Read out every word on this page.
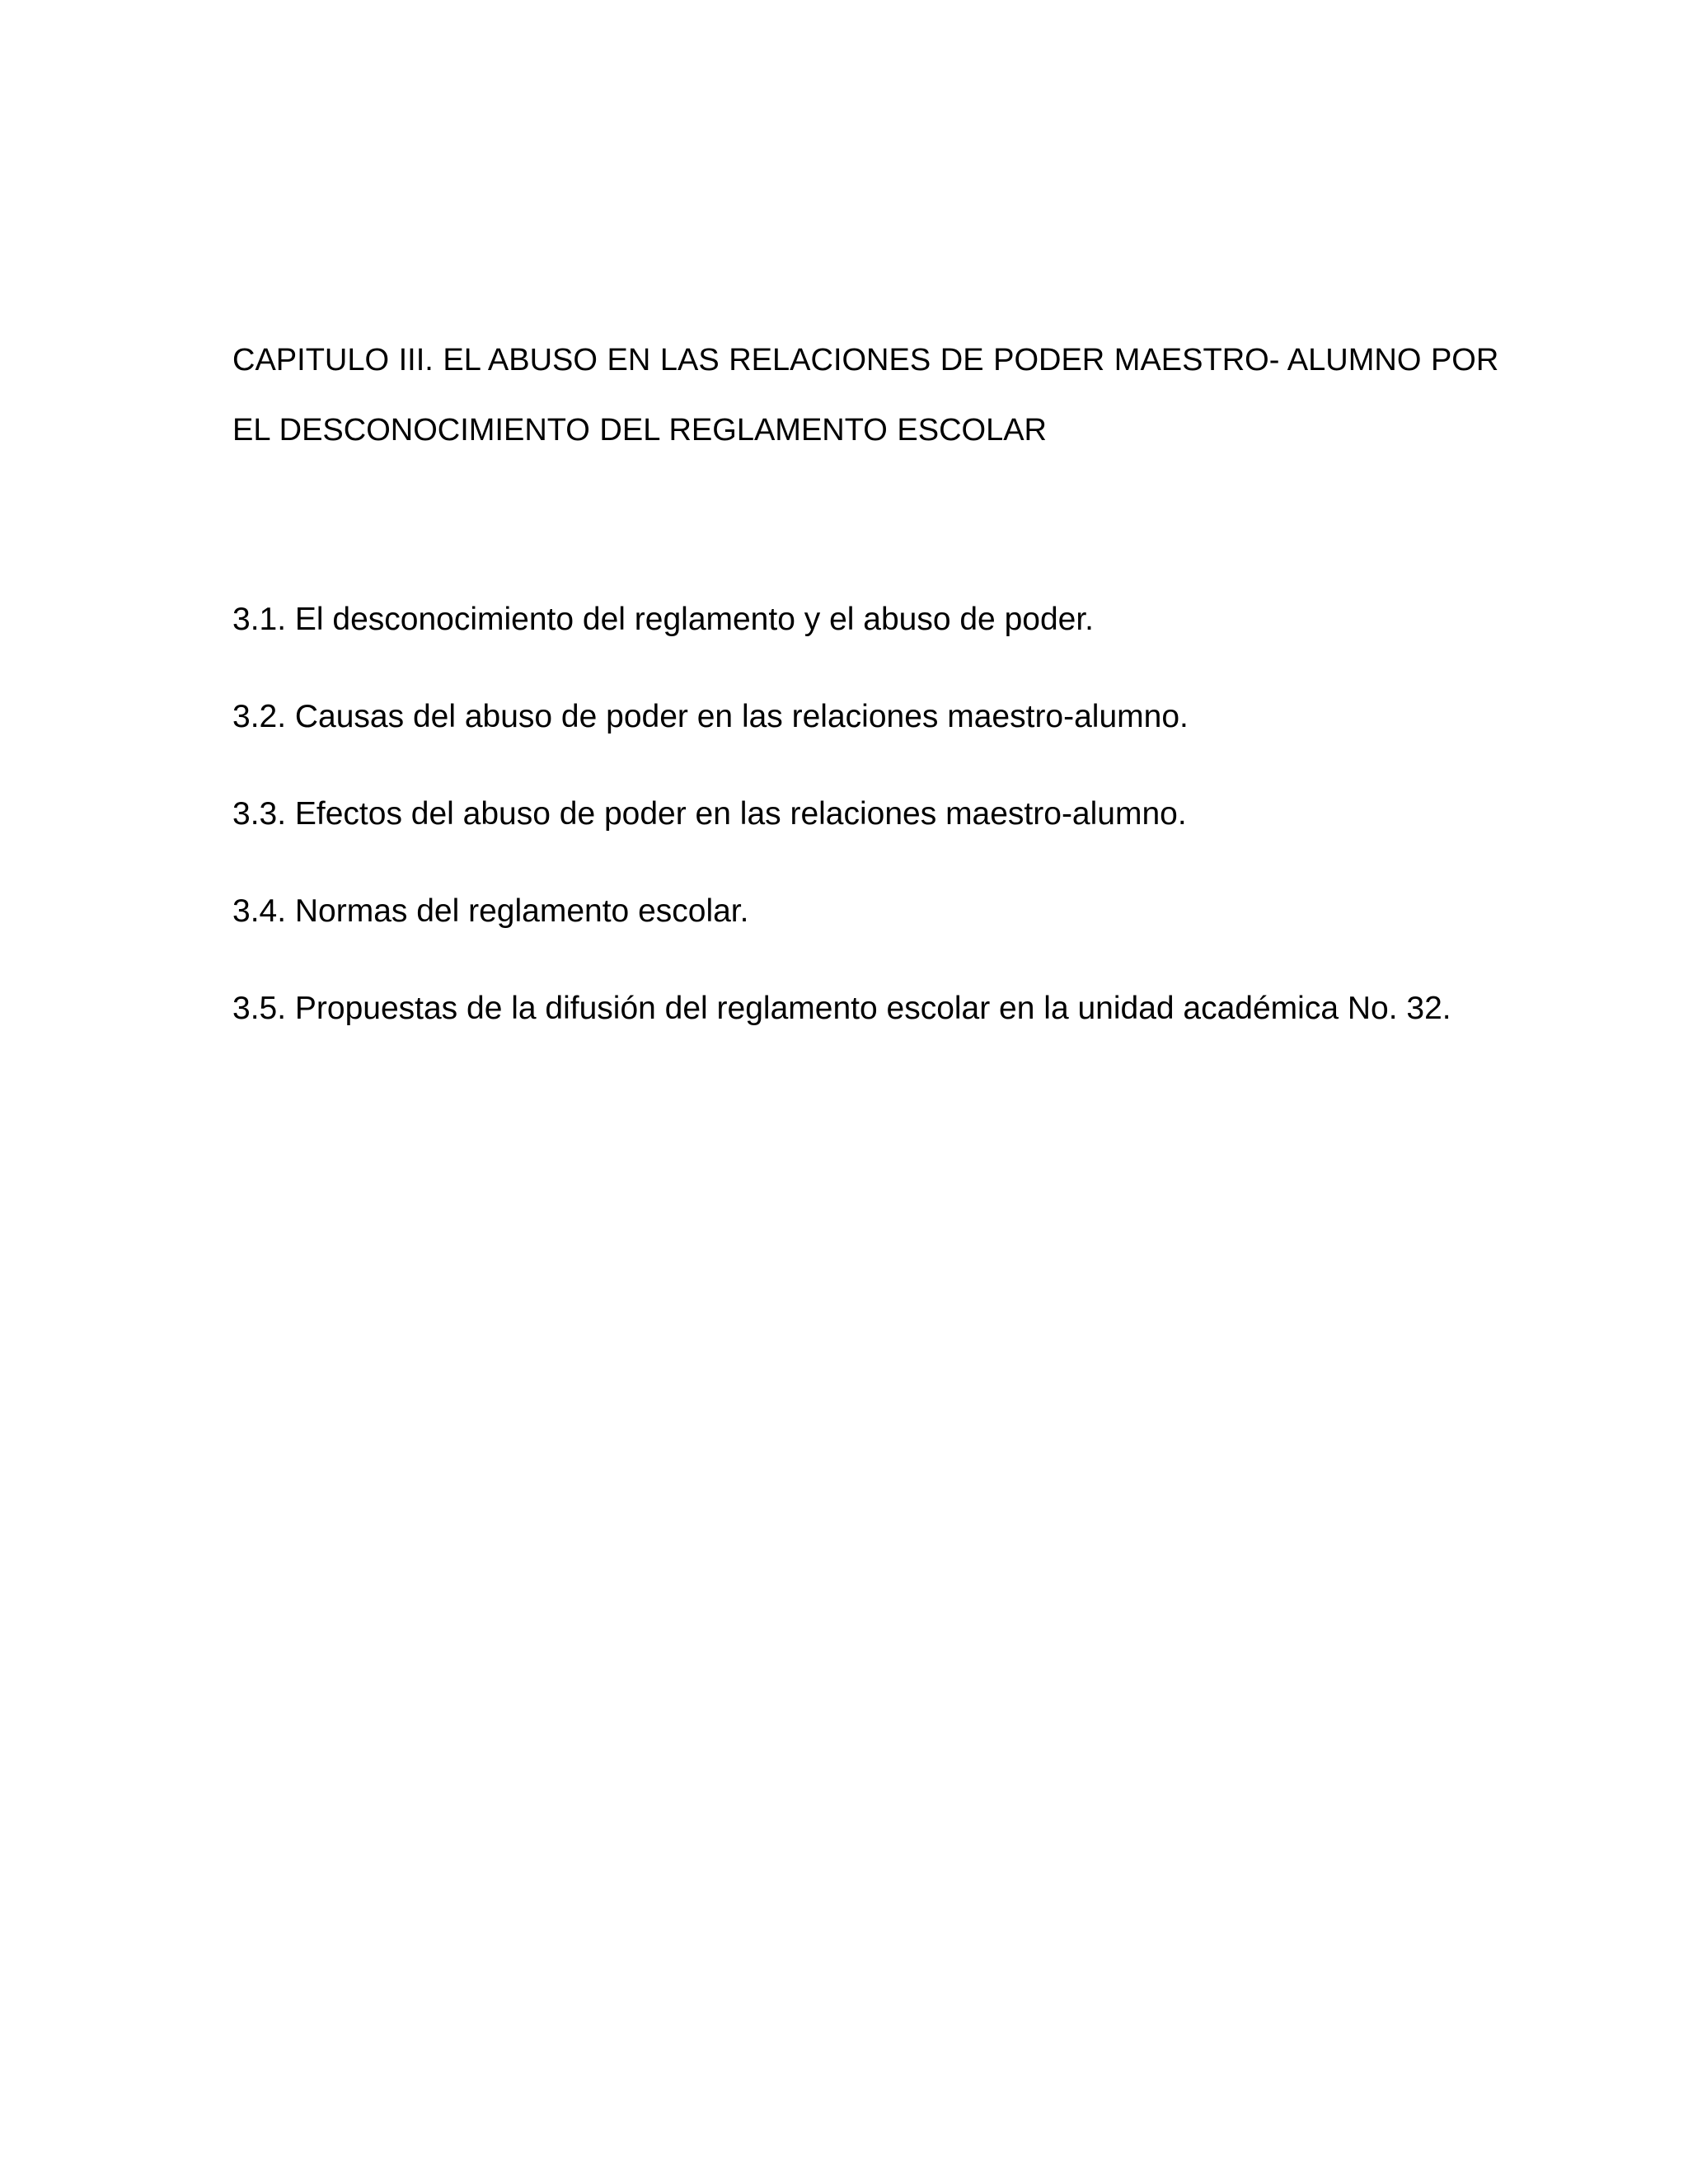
CAPITULO III. EL ABUSO EN LAS RELACIONES DE PODER MAESTRO- ALUMNO POR EL DESCONOCIMIENTO DEL REGLAMENTO ESCOLAR
3.1. El desconocimiento del reglamento y el abuso de poder.
3.2. Causas del abuso de poder en las relaciones maestro-alumno.
3.3. Efectos del abuso de poder en las relaciones maestro-alumno.
3.4. Normas del reglamento escolar.
3.5. Propuestas de la difusión del reglamento escolar en la unidad académica No. 32.
